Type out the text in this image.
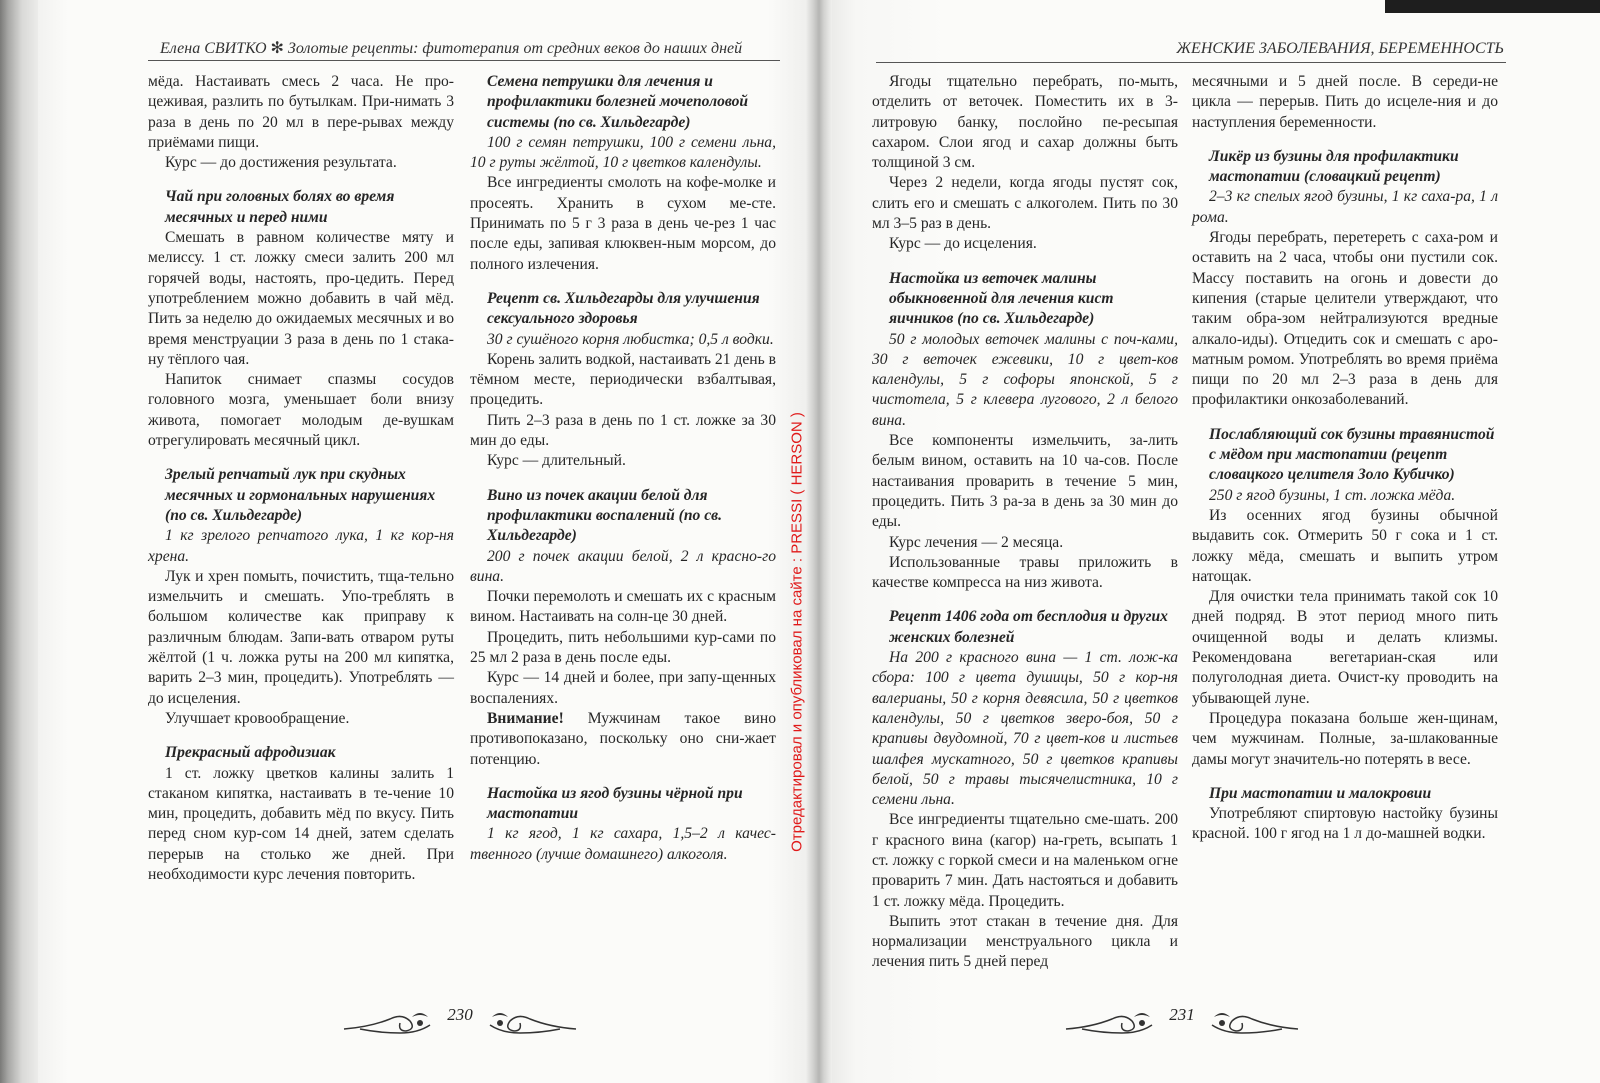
Елена СВИТКО ✻ Золотые рецепты: фитотерапия от средних веков до наших дней	ЖЕНСКИЕ ЗАБОЛЕВАНИЯ, БЕРЕМЕННОСТЬ

мёда. Настаивать смесь 2 часа. Не про-цеживая, разлить по бутылкам. При-нимать 3 раза в день по 20 мл в пере-рывах между приёмами пищи.

Курс — до достижения результата.

Чай при головных болях во время месячных и перед ними

Смешать в равном количестве мяту и мелиссу. 1 ст. ложку смеси залить 200 мл горячей воды, настоять, про-цедить. Перед употреблением можно добавить в чай мёд. Пить за неделю до ожидаемых месячных и во время менструации 3 раза в день по 1 стака-ну тёплого чая.

Напиток снимает спазмы сосудов головного мозга, уменьшает боли внизу живота, помогает молодым де-вушкам отрегулировать месячный цикл.

Зрелый репчатый лук при скудных месячных и гормональных нарушениях (по св. Хильдегарде)

1 кг зрелого репчатого лука, 1 кг кор-ня хрена.

Лук и хрен помыть, почистить, тща-тельно измельчить и смешать. Упо-треблять в большом количестве как приправу к различным блюдам. Запи-вать отваром руты жёлтой (1 ч. ложка руты на 200 мл кипятка, варить 2–3 мин, процедить). Употреблять — до исцеления.

Улучшает кровообращение.

Прекрасный афродизиак

1 ст. ложку цветков калины залить 1 стаканом кипятка, настаивать в те-чение 10 мин, процедить, добавить мёд по вкусу. Пить перед сном кур-сом 14 дней, затем сделать перерыв на столько же дней. При необходимости курс лечения повторить.

Семена петрушки для лечения и профилактики болезней мочеполовой системы (по св. Хильдегарде)

100 г семян петрушки, 100 г семени льна, 10 г руты жёлтой, 10 г цветков календулы.

Все ингредиенты смолоть на кофе-молке и просеять. Хранить в сухом ме-сте. Принимать по 5 г 3 раза в день че-рез 1 час после еды, запивая клюквен-ным морсом, до полного излечения.

Рецепт св. Хильдегарды для улучшения сексуального здоровья

30 г сушёного корня любистка; 0,5 л водки.

Корень залить водкой, настаивать 21 день в тёмном месте, периодически взбалтывая, процедить.

Пить 2–3 раза в день по 1 ст. ложке за 30 мин до еды.

Курс — длительный.

Вино из почек акации белой для профилактики воспалений (по св. Хильдегарде)

200 г почек акации белой, 2 л красно-го вина.

Почки перемолоть и смешать их с красным вином. Настаивать на солн-це 30 дней.

Процедить, пить небольшими кур-сами по 25 мл 2 раза в день после еды.

Курс — 14 дней и более, при запу-щенных воспалениях.

Внимание! Мужчинам такое вино противопоказано, поскольку оно сни-жает потенцию.

Настойка из ягод бузины чёрной при мастопатии

1 кг ягод, 1 кг сахара, 1,5–2 л качес-твенного (лучше домашнего) алкоголя.

Ягоды тщательно перебрать, по-мыть, отделить от веточек. Поместить их в 3-литровую банку, послойно пе-ресыпая сахаром. Слои ягод и сахар должны быть толщиной 3 см.

Через 2 недели, когда ягоды пустят сок, слить его и смешать с алкоголем. Пить по 30 мл 3–5 раз в день.

Курс — до исцеления.

Настойка из веточек малины обыкновенной для лечения кист яичников (по св. Хильдегарде)

50 г молодых веточек малины с поч-ками, 30 г веточек ежевики, 10 г цвет-ков календулы, 5 г софоры японской, 5 г чистотела, 5 г клевера лугового, 2 л белого вина.

Все компоненты измельчить, за-лить белым вином, оставить на 10 ча-сов. После настаивания проварить в течение 5 мин, процедить. Пить 3 ра-за в день за 30 мин до еды.

Курс лечения — 2 месяца.

Использованные травы приложить в качестве компресса на низ живота.

Рецепт 1406 года от бесплодия и других женских болезней

На 200 г красного вина — 1 ст. лож-ка сбора: 100 г цвета душицы, 50 г кор-ня валерианы, 50 г корня девясила, 50 г цветков календулы, 50 г цветков зверо-боя, 50 г крапивы двудомной, 70 г цвет-ков и листьев шалфея мускатного, 50 г цветков крапивы белой, 50 г травы тысячелистника, 10 г семени льна.

Все ингредиенты тщательно сме-шать. 200 г красного вина (кагор) на-греть, всыпать 1 ст. ложку с горкой смеси и на маленьком огне проварить 7 мин. Дать настояться и добавить 1 ст. ложку мёда. Процедить.

Выпить этот стакан в течение дня. Для нормализации менструального цикла и лечения пить 5 дней перед

месячными и 5 дней после. В середи-не цикла — перерыв. Пить до исцеле-ния и до наступления беременности.

Ликёр из бузины для профилактики мастопатии (словацкий рецепт)

2–3 кг спелых ягод бузины, 1 кг саха-ра, 1 л рома.

Ягоды перебрать, перетереть с саха-ром и оставить на 2 часа, чтобы они пустили сок. Массу поставить на огонь и довести до кипения (старые целители утверждают, что таким обра-зом нейтрализуются вредные алкало-иды). Отцедить сок и смешать с аро-матным ромом. Употреблять во время приёма пищи по 20 мл 2–3 раза в день для профилактики онкозаболеваний.

Послабляющий сок бузины травянистой с мёдом при мастопатии (рецепт словацкого целителя Золо Кубичко)

250 г ягод бузины, 1 ст. ложка мёда.

Из осенних ягод бузины обычной выдавить сок. Отмерить 50 г сока и 1 ст. ложку мёда, смешать и выпить утром натощак.

Для очистки тела принимать такой сок 10 дней подряд. В этот период много пить очищенной воды и делать клизмы. Рекомендована вегетариан-ская или полуголодная диета. Очист-ку проводить на убывающей луне.

Процедура показана больше жен-щинам, чем мужчинам. Полные, за-шлакованные дамы могут значитель-но потерять в весе.

При мастопатии и малокровии

Употребляют спиртовую настойку бузины красной. 100 г ягод на 1 л до-машней водки.

230	231
Отредактировал и опубликовал на сайте : PRESSI ( HERSON )
